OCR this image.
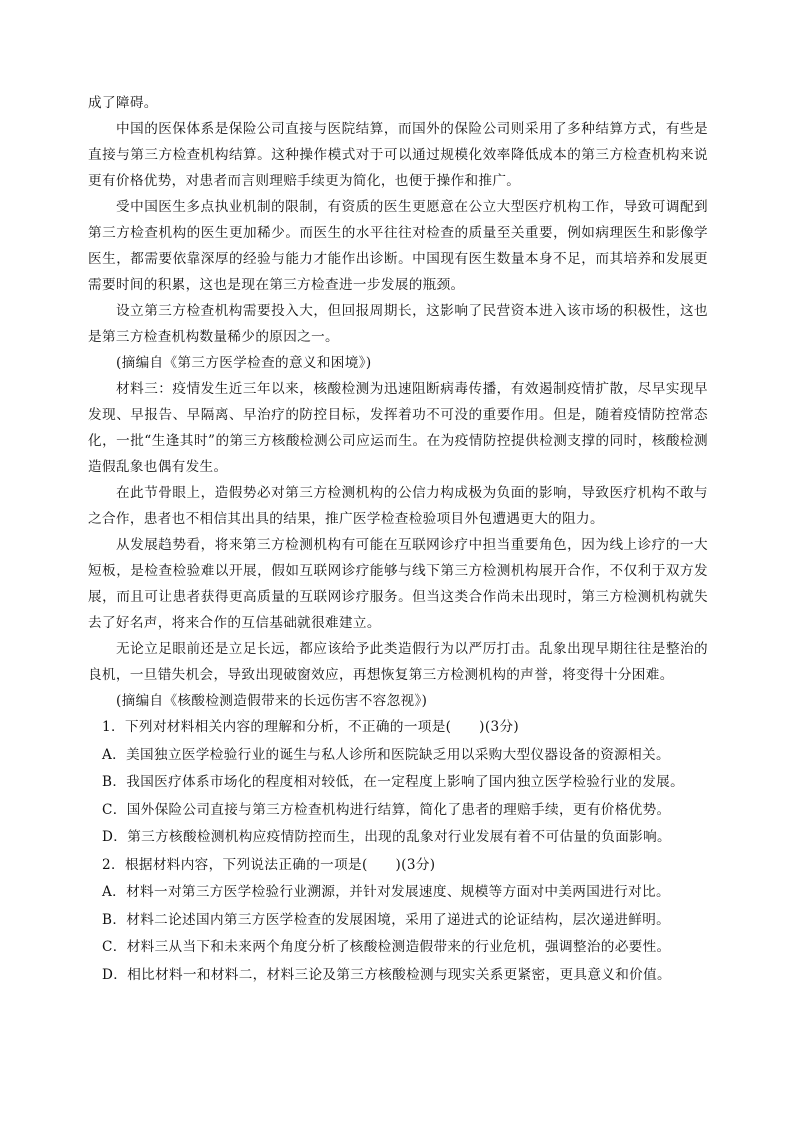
成了障碍。

中国的医保体系是保险公司直接与医院结算，而国外的保险公司则采用了多种结算方式，有些是直接与第三方检查机构结算。这种操作模式对于可以通过规模化效率降低成本的第三方检查机构来说更有价格优势，对患者而言则理赔手续更为简化，也便于操作和推广。

受中国医生多点执业机制的限制，有资质的医生更愿意在公立大型医疗机构工作，导致可调配到第三方检查机构的医生更加稀少。而医生的水平往往对检查的质量至关重要，例如病理医生和影像学医生，都需要依靠深厚的经验与能力才能作出诊断。中国现有医生数量本身不足，而其培养和发展更需要时间的积累，这也是现在第三方检查进一步发展的瓶颈。

设立第三方检查机构需要投入大，但回报周期长，这影响了民营资本进入该市场的积极性，这也是第三方检查机构数量稀少的原因之一。

(摘编自《第三方医学检查的意义和困境》)

材料三：疫情发生近三年以来，核酸检测为迅速阻断病毒传播，有效遏制疫情扩散，尽早实现早发现、早报告、早隔离、早治疗的防控目标，发挥着功不可没的重要作用。但是，随着疫情防控常态化，一批“生逢其时”的第三方核酸检测公司应运而生。在为疫情防控提供检测支撑的同时，核酸检测造假乱象也偶有发生。

在此节骨眼上，造假势必对第三方检测机构的公信力构成极为负面的影响，导致医疗机构不敢与之合作，患者也不相信其出具的结果，推广医学检查检验项目外包遭遇更大的阻力。

从发展趋势看，将来第三方检测机构有可能在互联网诊疗中担当重要角色，因为线上诊疗的一大短板，是检查检验难以开展，假如互联网诊疗能够与线下第三方检测机构展开合作，不仅利于双方发展，而且可让患者获得更高质量的互联网诊疗服务。但当这类合作尚未出现时，第三方检测机构就失去了好名声，将来合作的互信基础就很难建立。

无论立足眼前还是立足长远，都应该给予此类造假行为以严厉打击。乱象出现早期往往是整治的良机，一旦错失机会，导致出现破窗效应，再想恢复第三方检测机构的声誉，将变得十分困难。

(摘编自《核酸检测造假带来的长远伤害不容忽视》)

1．下列对材料相关内容的理解和分析，不正确的一项是(　　)(3分)

A．美国独立医学检验行业的诞生与私人诊所和医院缺乏用以采购大型仪器设备的资源相关。

B．我国医疗体系市场化的程度相对较低，在一定程度上影响了国内独立医学检验行业的发展。

C．国外保险公司直接与第三方检查机构进行结算，简化了患者的理赔手续，更有价格优势。

D．第三方核酸检测机构应疫情防控而生，出现的乱象对行业发展有着不可估量的负面影响。

2．根据材料内容，下列说法正确的一项是(　　)(3分)

A．材料一对第三方医学检验行业溯源，并针对发展速度、规模等方面对中美两国进行对比。

B．材料二论述国内第三方医学检查的发展困境，采用了递进式的论证结构，层次递进鲜明。

C．材料三从当下和未来两个角度分析了核酸检测造假带来的行业危机，强调整治的必要性。

D．相比材料一和材料二，材料三论及第三方核酸检测与现实关系更紧密，更具意义和价值。
